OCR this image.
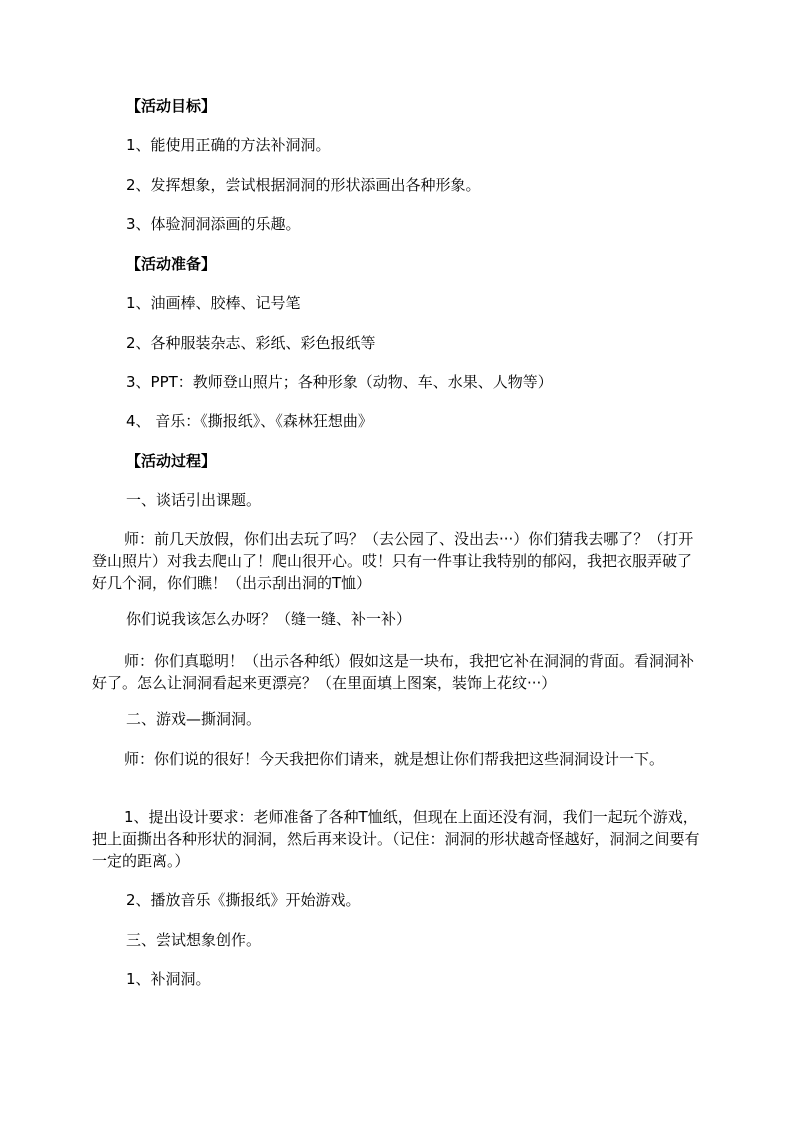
【活动目标】
1、能使用正确的方法补洞洞。
2、发挥想象，尝试根据洞洞的形状添画出各种形象。
3、体验洞洞添画的乐趣。
【活动准备】
1、油画棒、胶棒、记号笔
2、各种服装杂志、彩纸、彩色报纸等
3、PPT：教师登山照片；各种形象（动物、车、水果、人物等）
4、 音乐：《撕报纸》、《森林狂想曲》
【活动过程】
一、谈话引出课题。
师：前几天放假，你们出去玩了吗？（去公园了、没出去···）你们猜我去哪了？（打开登山照片）对我去爬山了！爬山很开心。哎！只有一件事让我特别的郁闷，我把衣服弄破了好几个洞，你们瞧！（出示刮出洞的T恤）
你们说我该怎么办呀？（缝一缝、补一补）
师：你们真聪明！（出示各种纸）假如这是一块布，我把它补在洞洞的背面。看洞洞补好了。怎么让洞洞看起来更漂亮？（在里面填上图案，装饰上花纹···）
二、游戏—撕洞洞。
师：你们说的很好！今天我把你们请来，就是想让你们帮我把这些洞洞设计一下。
1、提出设计要求：老师准备了各种T恤纸，但现在上面还没有洞，我们一起玩个游戏，把上面撕出各种形状的洞洞，然后再来设计。（记住：洞洞的形状越奇怪越好，洞洞之间要有一定的距离。）
2、播放音乐《撕报纸》开始游戏。
三、尝试想象创作。
1、补洞洞。
